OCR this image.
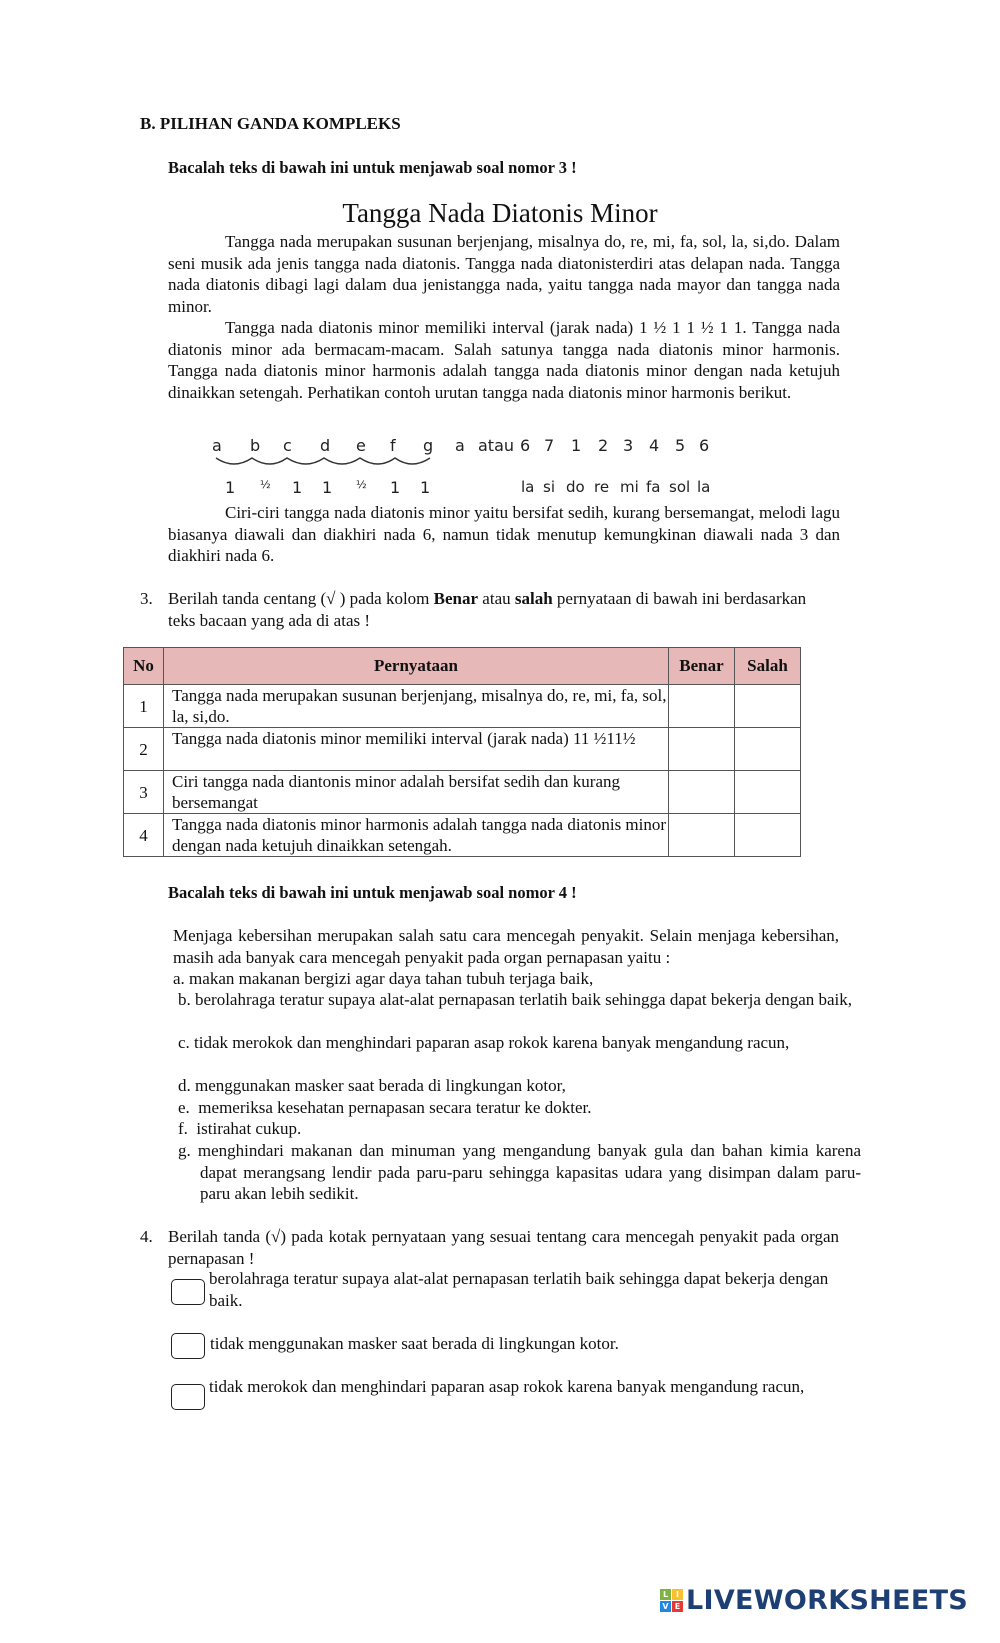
B. PILIHAN GANDA KOMPLEKS
Bacalah teks di bawah ini untuk menjawab soal nomor 3 !
Tangga Nada Diatonis Minor
Tangga nada merupakan susunan berjenjang, misalnya do, re, mi, fa, sol, la, si,do. Dalam seni musik ada jenis tangga nada diatonis. Tangga nada diatonisterdiri atas delapan nada. Tangga nada diatonis dibagi lagi dalam dua jenistangga nada, yaitu tangga nada mayor dan tangga nada minor.
Tangga nada diatonis minor memiliki interval (jarak nada) 1 ½ 1 1 ½ 1 1. Tangga nada diatonis minor ada bermacam-macam. Salah satunya tangga nada diatonis minor harmonis. Tangga nada diatonis minor harmonis adalah tangga nada diatonis minor dengan nada ketujuh dinaikkan setengah. Perhatikan contoh urutan tangga nada diatonis minor harmonis berikut.
a b c d e f g a atau 6 7 1 2 3 4 5 6
1 ½ 1 1 ½ 1 1	la si do re mi fa sol la
Ciri-ciri tangga nada diatonis minor yaitu bersifat sedih, kurang bersemangat, melodi lagu biasanya diawali dan diakhiri nada 6, namun tidak menutup kemungkinan diawali nada 3 dan diakhiri nada 6.
3. Berilah tanda centang (√ ) pada kolom Benar atau salah pernyataan di bawah ini berdasarkan teks bacaan yang ada di atas !
No	Pernyataan	Benar	Salah
1	Tangga nada merupakan susunan berjenjang, misalnya do, re, mi, fa, sol, la, si,do.		
2	Tangga nada diatonis minor memiliki interval (jarak nada) 11 ½11½		
3	Ciri tangga nada diantonis minor adalah bersifat sedih dan kurang bersemangat		
4	Tangga nada diatonis minor harmonis adalah tangga nada diatonis minor dengan nada ketujuh dinaikkan setengah.		
Bacalah teks di bawah ini untuk menjawab soal nomor 4 !
Menjaga kebersihan merupakan salah satu cara mencegah penyakit. Selain menjaga kebersihan, masih ada banyak cara mencegah penyakit pada organ pernapasan yaitu :
a. makan makanan bergizi agar daya tahan tubuh terjaga baik,
b. berolahraga teratur supaya alat-alat pernapasan terlatih baik sehingga dapat bekerja dengan baik,
c. tidak merokok dan menghindari paparan asap rokok karena banyak mengandung racun,
d. menggunakan masker saat berada di lingkungan kotor,
e. memeriksa kesehatan pernapasan secara teratur ke dokter.
f. istirahat cukup.
g. menghindari makanan dan minuman yang mengandung banyak gula dan bahan kimia karena dapat merangsang lendir pada paru-paru sehingga kapasitas udara yang disimpan dalam paru-paru akan lebih sedikit.
4. Berilah tanda (√) pada kotak pernyataan yang sesuai tentang cara mencegah penyakit pada organ pernapasan !
berolahraga teratur supaya alat-alat pernapasan terlatih baik sehingga dapat bekerja dengan baik.
tidak menggunakan masker saat berada di lingkungan kotor.
tidak merokok dan menghindari paparan asap rokok karena banyak mengandung racun,
L I
V E LIVEWORKSHEETS
